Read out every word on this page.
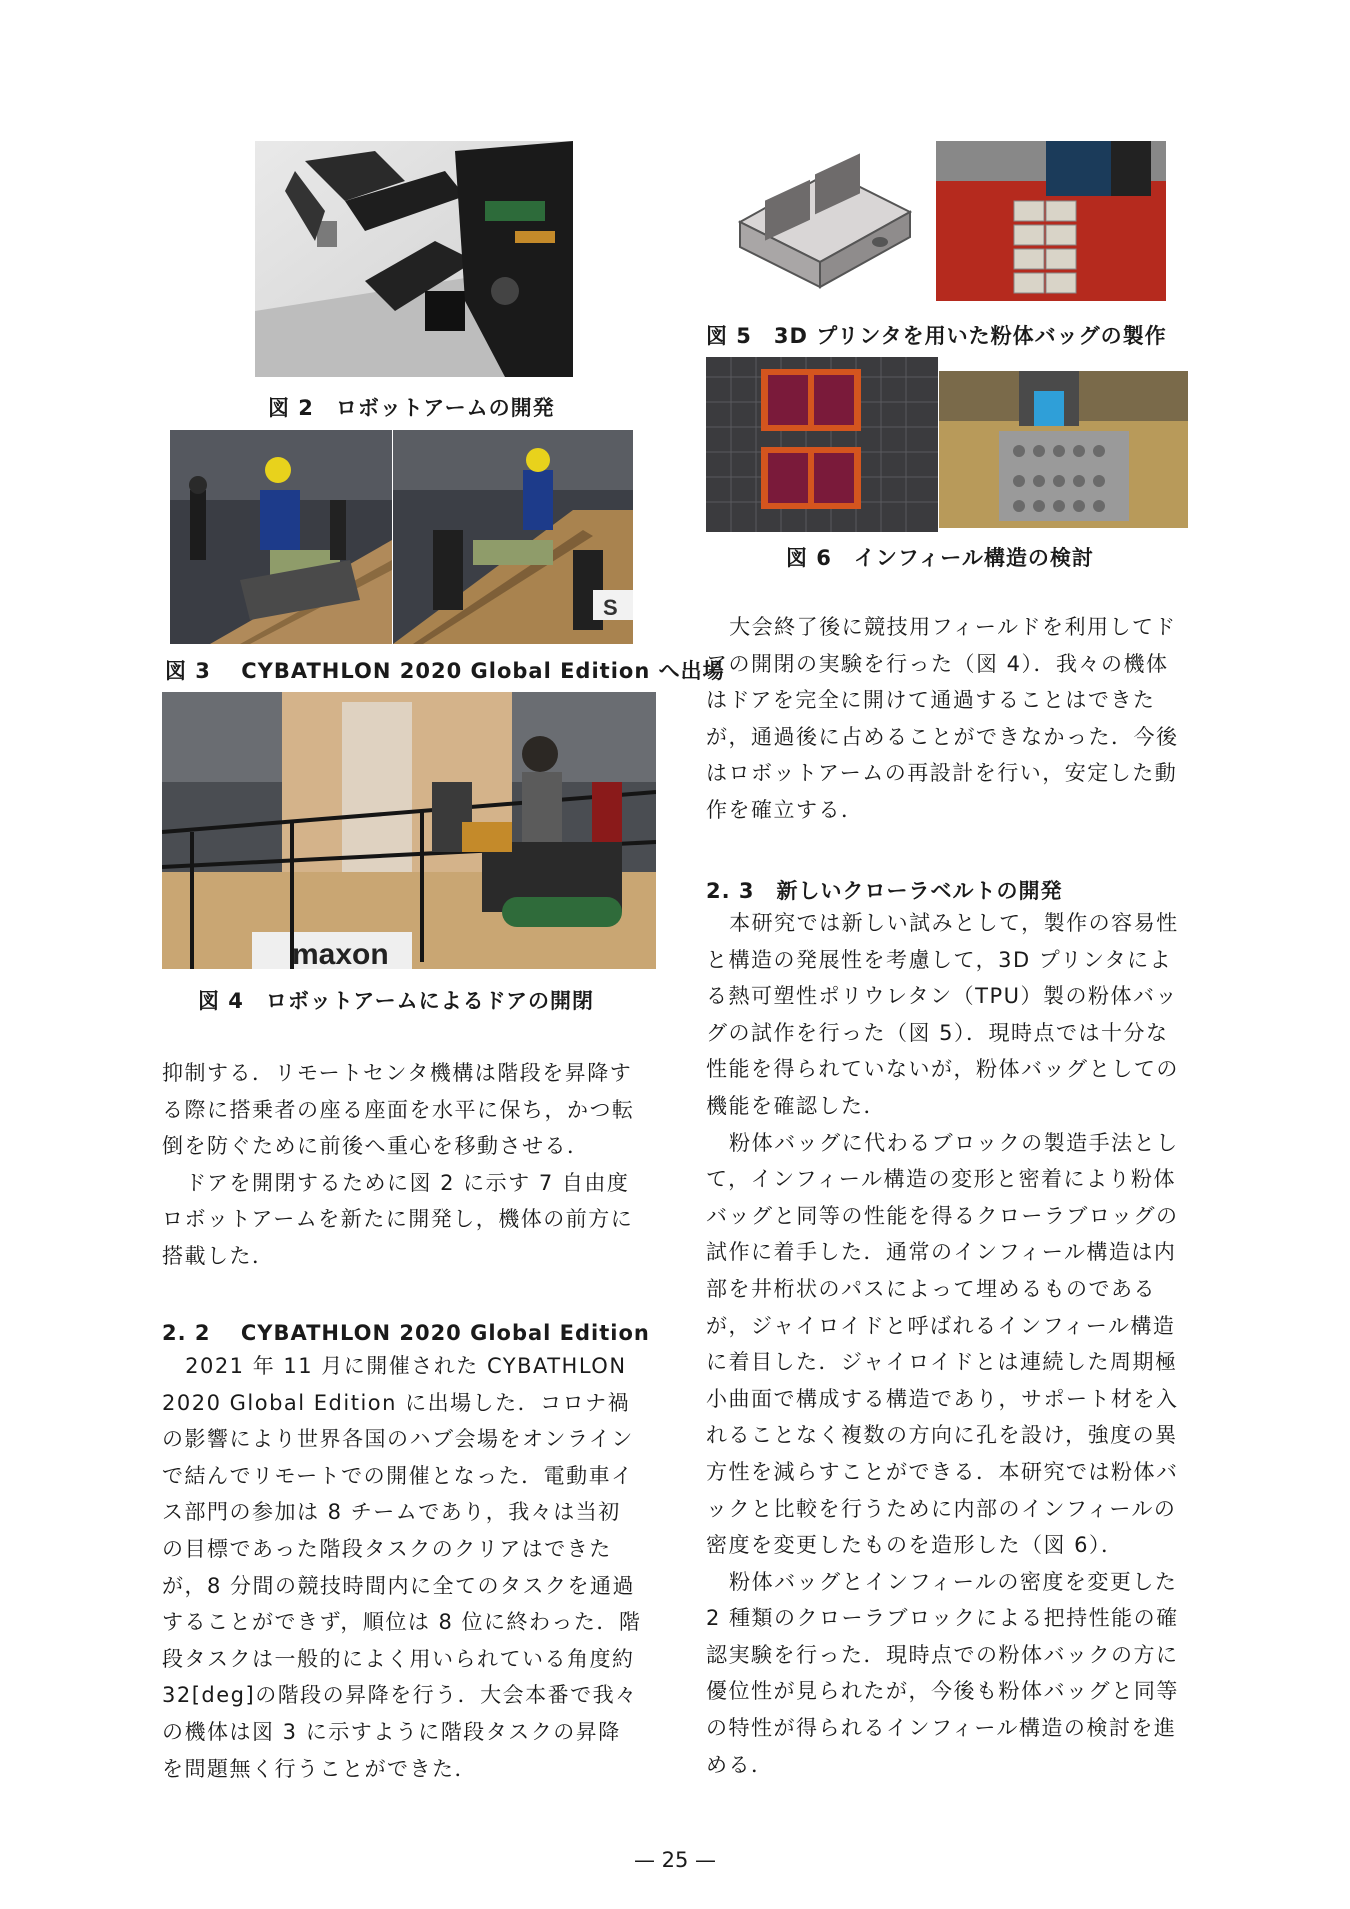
図 2　ロボットアームの開発
S
図 3　 CYBATHLON 2020 Global Edition へ出場
maxon
図 4　ロボットアームによるドアの開閉

抑制する．リモートセンタ機構は階段を昇降する際に搭乗者の座る座面を水平に保ち，かつ転倒を防ぐために前後へ重心を移動させる．

ドアを開閉するために図 2 に示す 7 自由度ロボットアームを新たに開発し，機体の前方に搭載した．

2. 2　 CYBATHLON 2020 Global Edition

2021 年 11 月に開催された CYBATHLON 2020 Global Edition に出場した．コロナ禍の影響により世界各国のハブ会場をオンラインで結んでリモートでの開催となった．電動車イス部門の参加は 8 チームであり，我々は当初の目標であった階段タスクのクリアはできたが，8 分間の競技時間内に全てのタスクを通過することができず，順位は 8 位に終わった．階段タスクは一般的によく用いられている角度約 32[deg]の階段の昇降を行う．大会本番で我々の機体は図 3 に示すように階段タスクの昇降を問題無く行うことができた．

図 5　3D プリンタを用いた粉体バッグの製作
図 6　インフィール構造の検討

大会終了後に競技用フィールドを利用してドアの開閉の実験を行った（図 4）．我々の機体はドアを完全に開けて通過することはできたが，通過後に占めることができなかった．今後はロボットアームの再設計を行い，安定した動作を確立する．

2. 3　新しいクローラベルトの開発

本研究では新しい試みとして，製作の容易性と構造の発展性を考慮して，3D プリンタによる熱可塑性ポリウレタン（TPU）製の粉体バッグの試作を行った（図 5）．現時点では十分な性能を得られていないが，粉体バッグとしての機能を確認した．

粉体バッグに代わるブロックの製造手法として，インフィール構造の変形と密着により粉体バッグと同等の性能を得るクローラブロッグの試作に着手した．通常のインフィール構造は内部を井桁状のパスによって埋めるものであるが，ジャイロイドと呼ばれるインフィール構造に着目した．ジャイロイドとは連続した周期極小曲面で構成する構造であり，サポート材を入れることなく複数の方向に孔を設け，強度の異方性を減らすことができる．本研究では粉体バックと比較を行うために内部のインフィールの密度を変更したものを造形した（図 6）．

粉体バッグとインフィールの密度を変更した 2 種類のクローラブロックによる把持性能の確認実験を行った．現時点での粉体バックの方に優位性が見られたが，今後も粉体バッグと同等の特性が得られるインフィール構造の検討を進める．

— 25 —
